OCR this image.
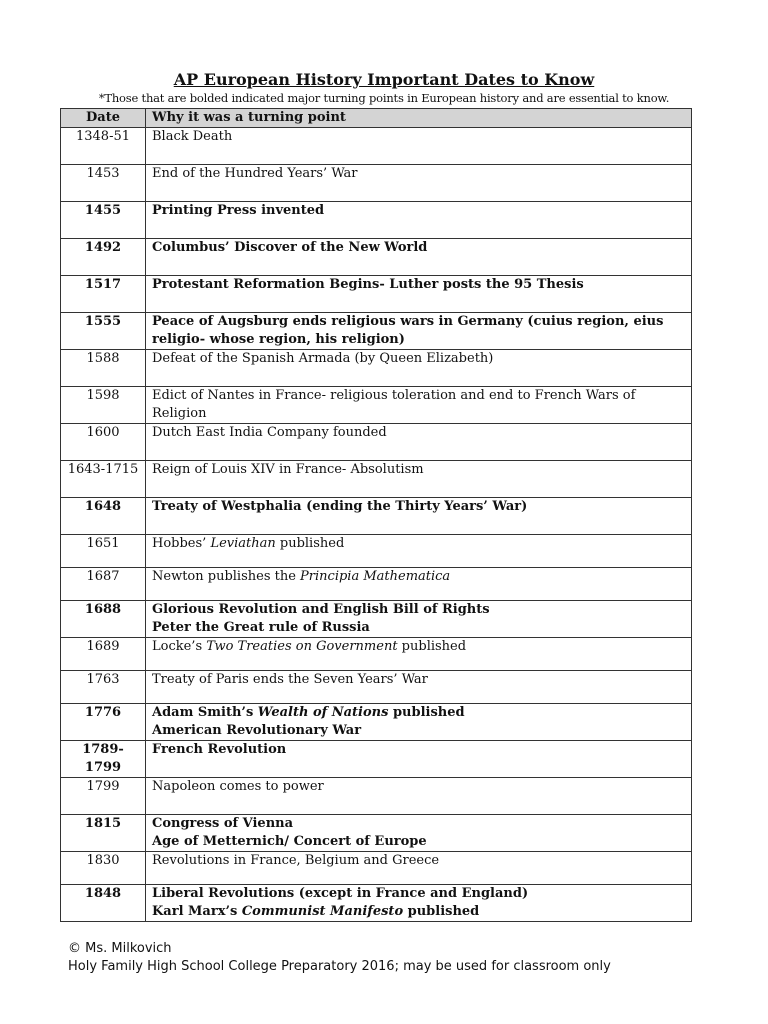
AP European History Important Dates to Know
*Those that are bolded indicated major turning points in European history and are essential to know.
Date	Why it was a turning point
1348-51	Black Death
1453	End of the Hundred Years’ War
1455	Printing Press invented
1492	Columbus’ Discover of the New World
1517	Protestant Reformation Begins- Luther posts the 95 Thesis
1555	Peace of Augsburg ends religious wars in Germany (cuius region, eius religio- whose region, his religion)
1588	Defeat of the Spanish Armada (by Queen Elizabeth)
1598	Edict of Nantes in France- religious toleration and end to French Wars of Religion
1600	Dutch East India Company founded
1643-1715	Reign of Louis XIV in France- Absolutism
1648	Treaty of Westphalia (ending the Thirty Years’ War)
1651	Hobbes’ Leviathan published
1687	Newton publishes the Principia Mathematica
1688	Glorious Revolution and English Bill of Rights
Peter the Great rule of Russia

1689	Locke’s Two Treaties on Government published
1763	Treaty of Paris ends the Seven Years’ War
1776	Adam Smith’s Wealth of Nations published
American Revolutionary War

1789-1799	French Revolution
1799	Napoleon comes to power
1815	Congress of Vienna
Age of Metternich/ Concert of Europe

1830	Revolutions in France, Belgium and Greece
1848	Liberal Revolutions (except in France and England)
Karl Marx’s Communist Manifesto published
© Ms. Milkovich
Holy Family High School College Preparatory 2016; may be used for classroom only
